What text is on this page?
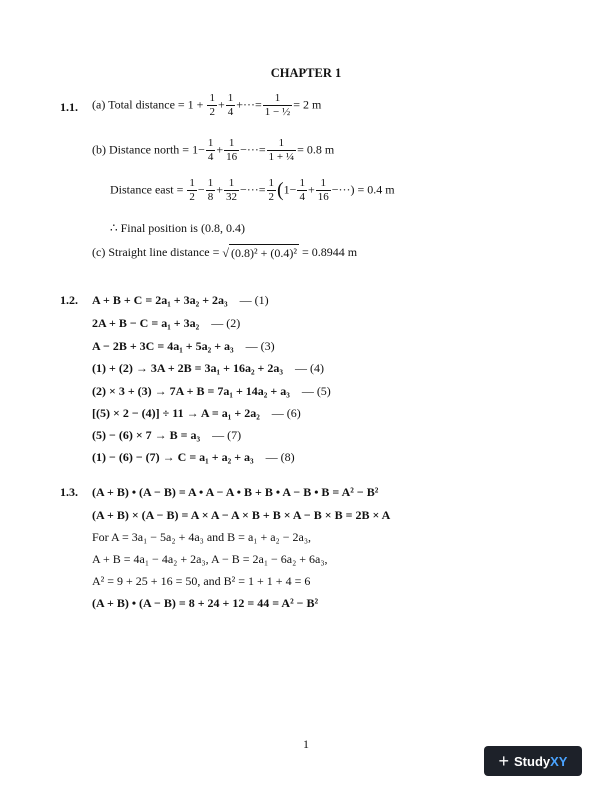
CHAPTER 1
1.1. (a) Total distance = $1 + \frac{1}{2} + \frac{1}{4}$ +···= $\frac{1}{\text{1 − ½}} = 2$ m
(b) Distance north = $1- \frac{1}{4} + \frac{1}{16}$ −···= $\frac{1}{\text{1 + ¼}} = 0.8$ m
Distance east = $\frac{1}{2} - \frac{1}{8} + \frac{1}{32}$ −···= $\frac{1}{2} (1- \frac{1}{4} + \frac{1}{16}$ −···) = 0.4 m
∴ Final position is (0.8, 0.4)
(c) Straight line distance = √ (0.8)² + (0.4)² = 0.8944 m
1.2. A + B + C = 2a₁ + 3a₂ + 2a₃ — (1)
2A + B − C = a₁ + 3a₂ — (2)
A − 2B + 3C = 4a₁ + 5a₂ + a₃ — (3)
(1) + (2) → 3A + 2B = 3a₁ + 16a₂ + 2a₃ — (4)
(2) × 3 + (3) → 7A + B = 7a₁ + 14a₂ + a₃ — (5)
[(5) × 2 − (4)] ÷ 11 → A = a₁ + 2a₂ — (6)
(5) − (6) × 7 → B = a₃ — (7)
(1) − (6) − (7) → C = a₁ + a₂ + a₃ — (8)
1.3. (A + B) • (A − B) = A • A − A • B + B • A − B • B = A² − B²
(A + B) × (A − B) = A × A − A × B + B × A − B × B = 2B × A
For A = 3a₁ − 5a₂ + 4a₃ and B = a₁ + a₂ − 2a₃,
A + B = 4a₁ − 4a₂ + 2a₃, A − B = 2a₁ − 6a₂ + 6a₃,
A² = 9 + 25 + 16 = 50, and B² = 1 + 1 + 4 = 6
(A + B) • (A − B) = 8 + 24 + 12 = 44 = A² − B²
1
+ Study XY
